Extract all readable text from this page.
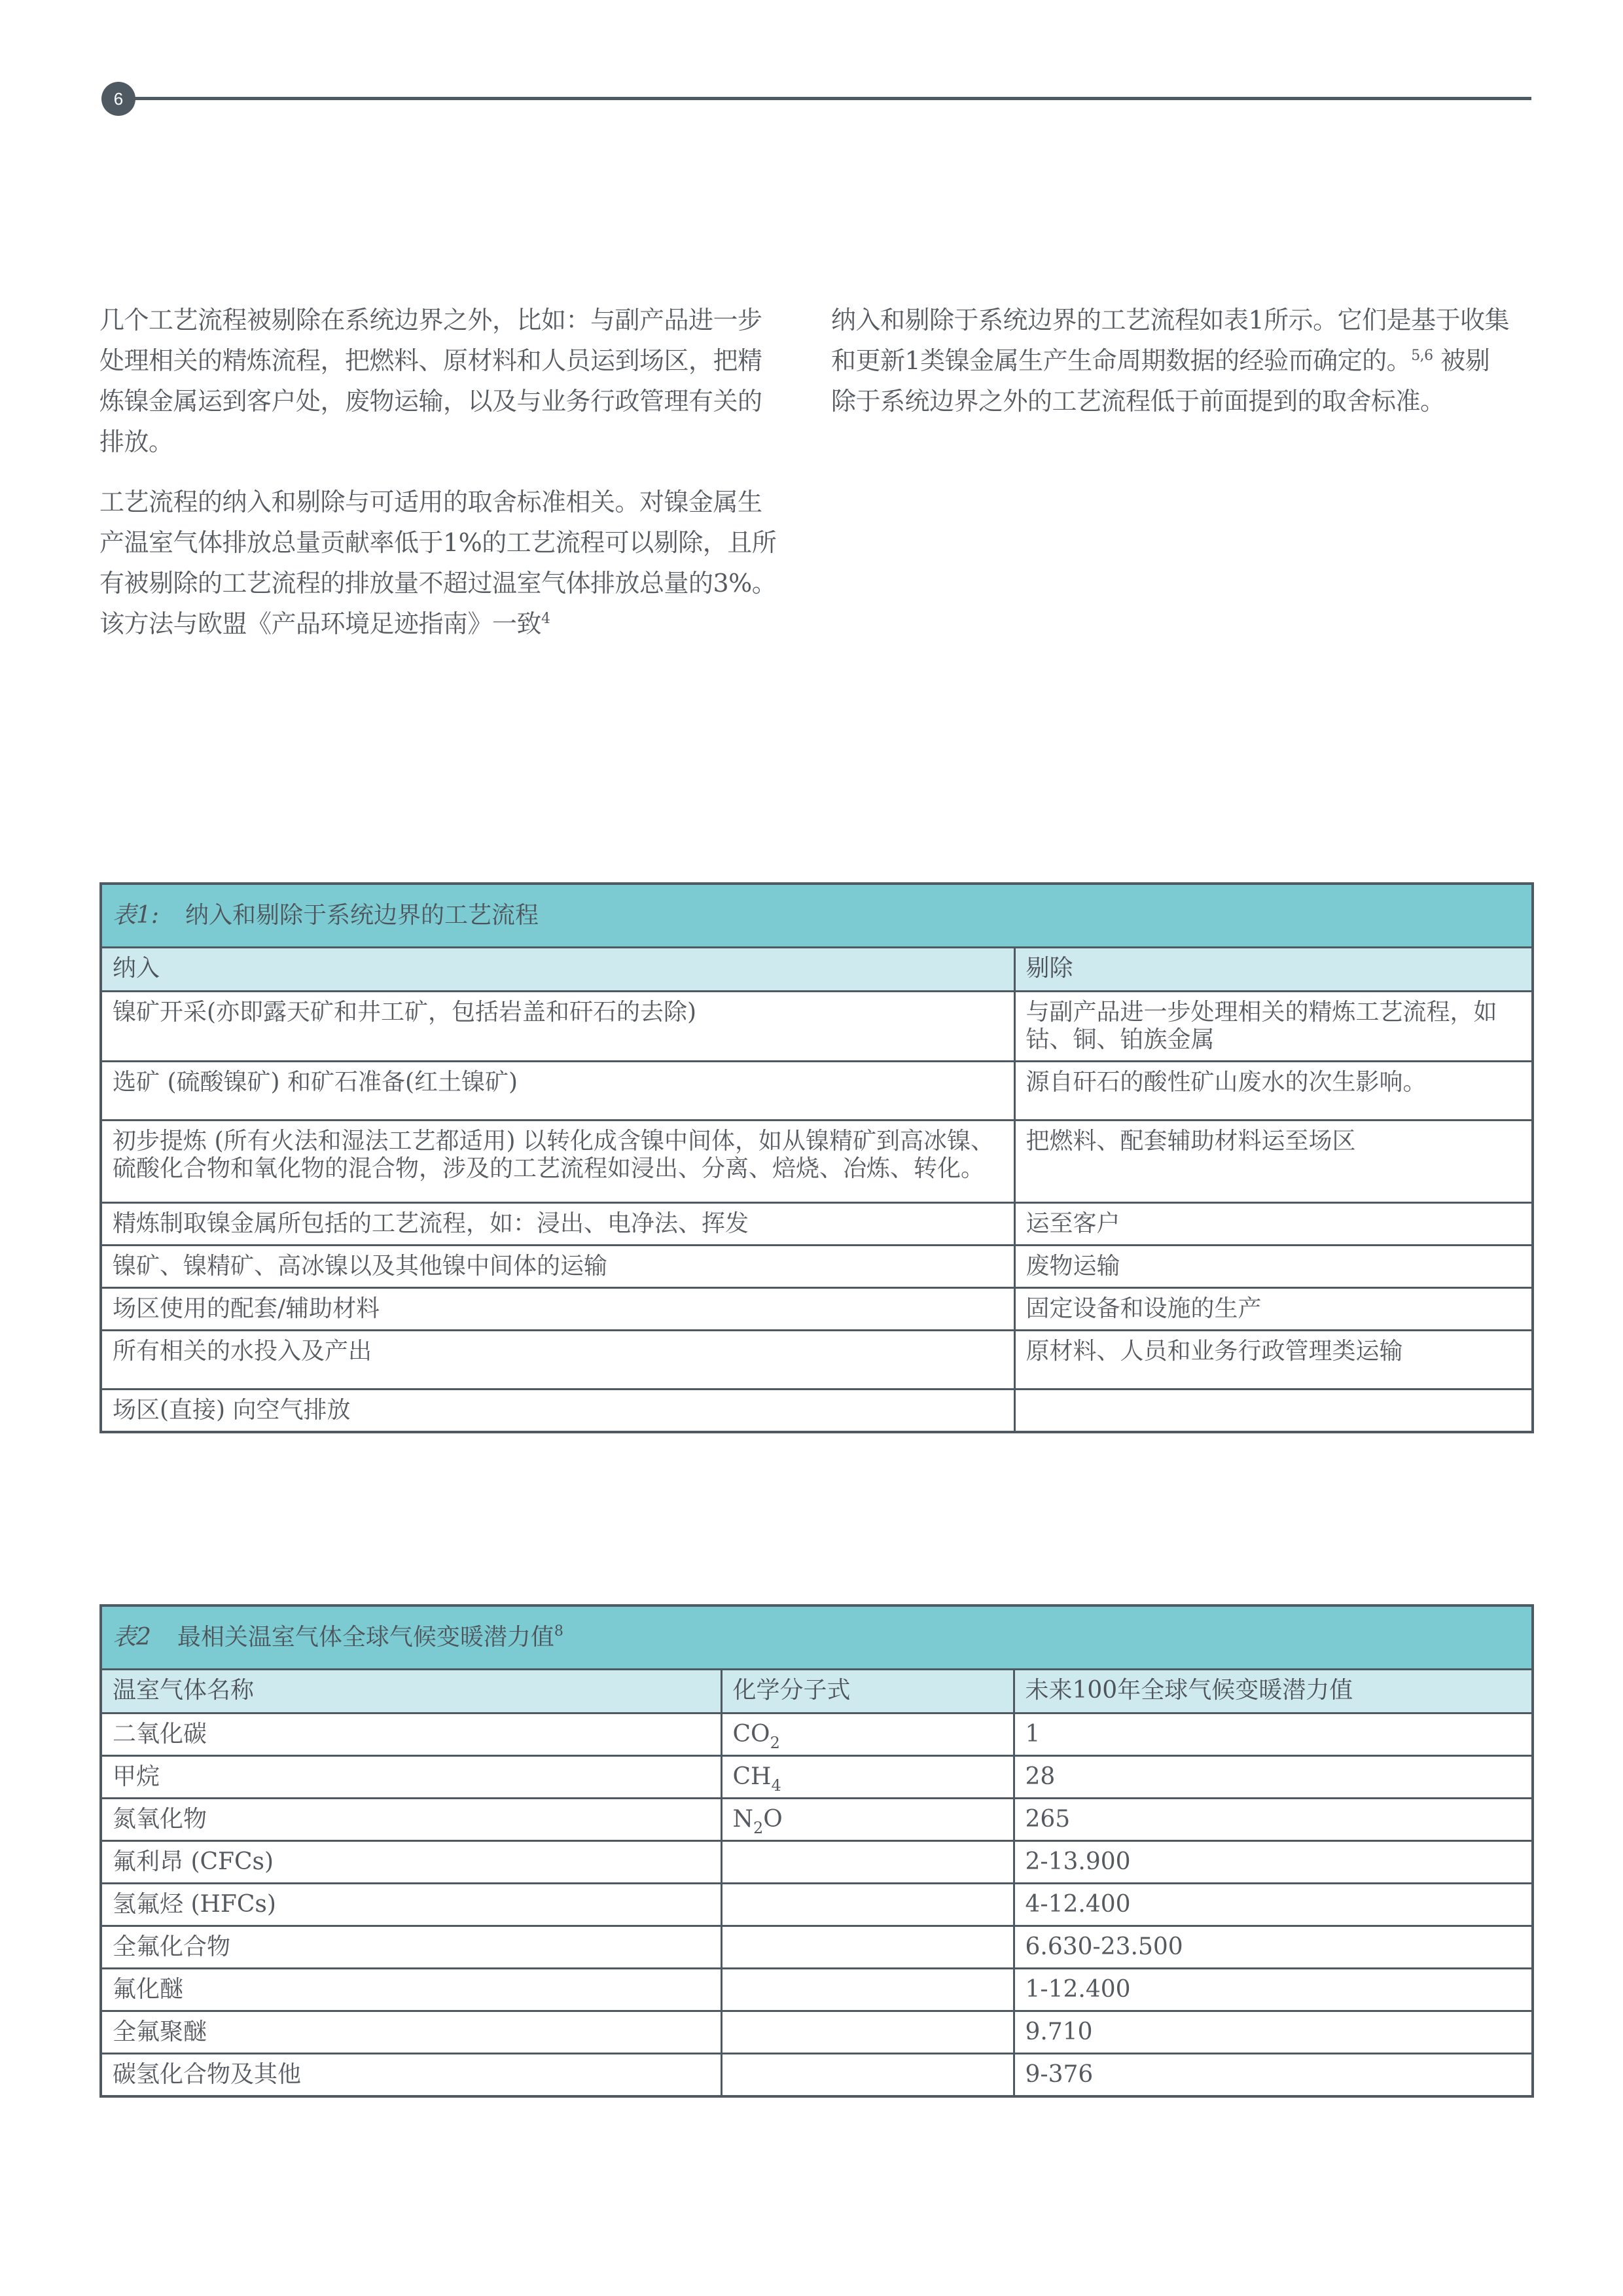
6

几个工艺流程被剔除在系统边界之外，比如：与副产品进一步处理相关的精炼流程，把燃料、原材料和人员运到场区，把精炼镍金属运到客户处，废物运输，以及与业务行政管理有关的排放。

工艺流程的纳入和剔除与可适用的取舍标准相关。对镍金属生产温室气体排放总量贡献率低于1%的工艺流程可以剔除，且所有被剔除的工艺流程的排放量不超过温室气体排放总量的3%。该方法与欧盟《产品环境足迹指南》一致$^4$

纳入和剔除于系统边界的工艺流程如表1所示。它们是基于收集和更新1类镍金属生产生命周期数据的经验而确定的。$^{5,6}$ 被剔除于系统边界之外的工艺流程低于前面提到的取舍标准。

表1: 纳入和剔除于系统边界的工艺流程	
纳入	剔除
镍矿开采(亦即露天矿和井工矿，包括岩盖和矸石的去除)	与副产品进一步处理相关的精炼工艺流程，如钴、铜、铂族金属
选矿 (硫酸镍矿) 和矿石准备(红土镍矿)	源自矸石的酸性矿山废水的次生影响。
初步提炼 (所有火法和湿法工艺都适用) 以转化成含镍中间体，如从镍精矿到高冰镍、硫酸化合物和氧化物的混合物，涉及的工艺流程如浸出、分离、焙烧、冶炼、转化。	把燃料、配套辅助材料运至场区
精炼制取镍金属所包括的工艺流程，如：浸出、电净法、挥发	运至客户
镍矿、镍精矿、高冰镍以及其他镍中间体的运输	废物运输
场区使用的配套/辅助材料	固定设备和设施的生产
所有相关的水投入及产出	原材料、人员和业务行政管理类运输
场区(直接) 向空气排放	
表2 最相关温室气体全球气候变暖潜力值$^8$
温室气体名称	化学分子式	未来100年全球气候变暖潜力值
二氧化碳	$CO_2$	1
甲烷	$CH_4$	28
氮氧化物	$N_2O$	265
氟利昂 (CFCs)		2-13.900
氢氟烃 (HFCs)		4-12.400
全氟化合物		6.630-23.500
氟化醚		1-12.400
全氟聚醚		9.710
碳氢化合物及其他		9-376
